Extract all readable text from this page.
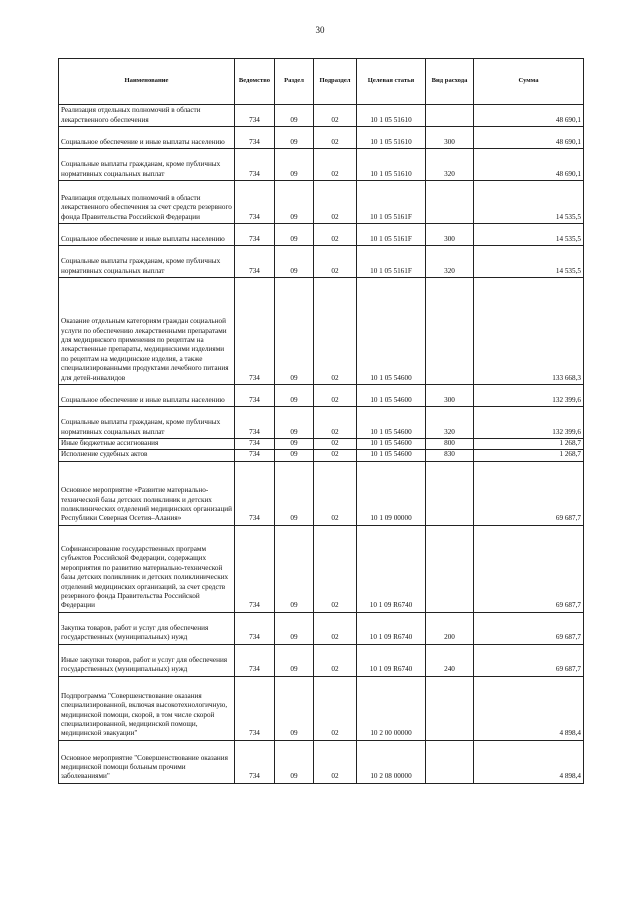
30
Наименование	Ведомство	Раздел	Подраздел	Целевая статья	Вид расхода	Сумма
Реализация отдельных полномочий в области лекарственного обеспечения	734	09	02	10 1 05 51610		48 690,1
Социальное обеспечение и иные выплаты населению	734	09	02	10 1 05 51610	300	48 690,1
Социальные выплаты гражданам, кроме публичных нормативных социальных выплат	734	09	02	10 1 05 51610	320	48 690,1
Реализация отдельных полномочий в области лекарственного обеспечения за счет средств резервного фонда Правительства Российской Федерации	734	09	02	10 1 05 5161F		14 535,5
Социальное обеспечение и иные выплаты населению	734	09	02	10 1 05 5161F	300	14 535,5
Социальные выплаты гражданам, кроме публичных нормативных социальных выплат	734	09	02	10 1 05 5161F	320	14 535,5
Оказание отдельным категориям граждан социальной услуги по обеспечению лекарственными препаратами для медицинского применения по рецептам на лекарственные препараты, медицинскими изделиями по рецептам на медицинские изделия, а также специализированными продуктами лечебного питания для детей-инвалидов	734	09	02	10 1 05 54600		133 668,3
Социальное обеспечение и иные выплаты населению	734	09	02	10 1 05 54600	300	132 399,6
Социальные выплаты гражданам, кроме публичных нормативных социальных выплат	734	09	02	10 1 05 54600	320	132 399,6
Иные бюджетные ассигнования	734	09	02	10 1 05 54600	800	1 268,7
Исполнение судебных актов	734	09	02	10 1 05 54600	830	1 268,7
Основное мероприятие «Развитие материально-технической базы детских поликлиник и детских поликлинических отделений медицинских организаций Республики Северная Осетия–Алания»	734	09	02	10 1 09 00000		69 687,7
Софинансирование государственных программ субъектов Российской Федерации, содержащих мероприятия по развитию материально-технической базы детских поликлиник и детских поликлинических отделений медицинских организаций, за счет средств резервного фонда Правительства Российской Федерации	734	09	02	10 1 09 R6740		69 687,7
Закупка товаров, работ и услуг для обеспечения государственных (муниципальных) нужд	734	09	02	10 1 09 R6740	200	69 687,7
Иные закупки товаров, работ и услуг для обеспечения государственных (муниципальных) нужд	734	09	02	10 1 09 R6740	240	69 687,7
Подпрограмма "Совершенствование оказания специализированной, включая высокотехнологичную, медицинской помощи, скорой, в том числе скорой специализированной, медицинской помощи, медицинской эвакуации"	734	09	02	10 2 00 00000		4 898,4
Основное мероприятие "Совершенствование оказания медицинской помощи больным прочими заболеваниями"	734	09	02	10 2 08 00000		4 898,4
